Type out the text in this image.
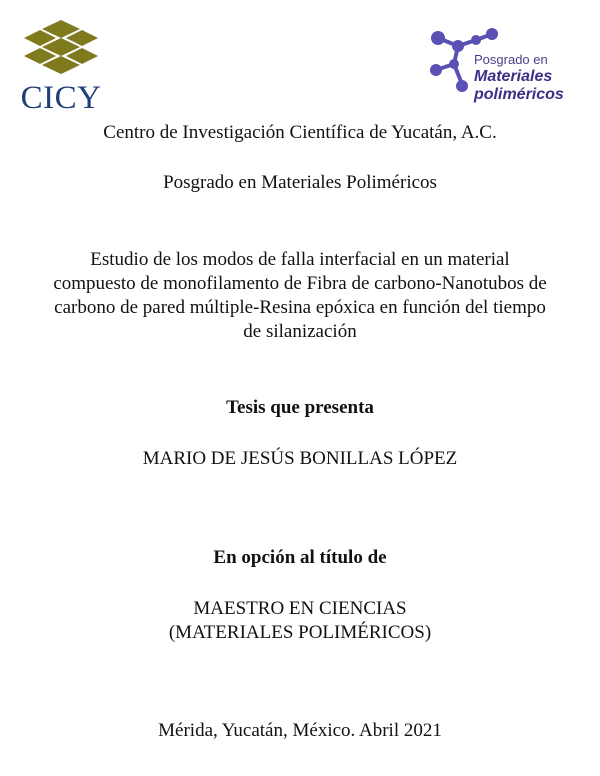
CICY
Posgrado en
Materiales
poliméricos
Centro de Investigación Científica de Yucatán, A.C.
Posgrado en Materiales Poliméricos
Estudio de los modos de falla interfacial en un material
compuesto de monofilamento de Fibra de carbono-Nanotubos de
carbono de pared múltiple-Resina epóxica en función del tiempo
de silanización
Tesis que presenta
MARIO DE JESÚS BONILLAS LÓPEZ
En opción al título de
MAESTRO EN CIENCIAS
(MATERIALES POLIMÉRICOS)
Mérida, Yucatán, México. Abril 2021
